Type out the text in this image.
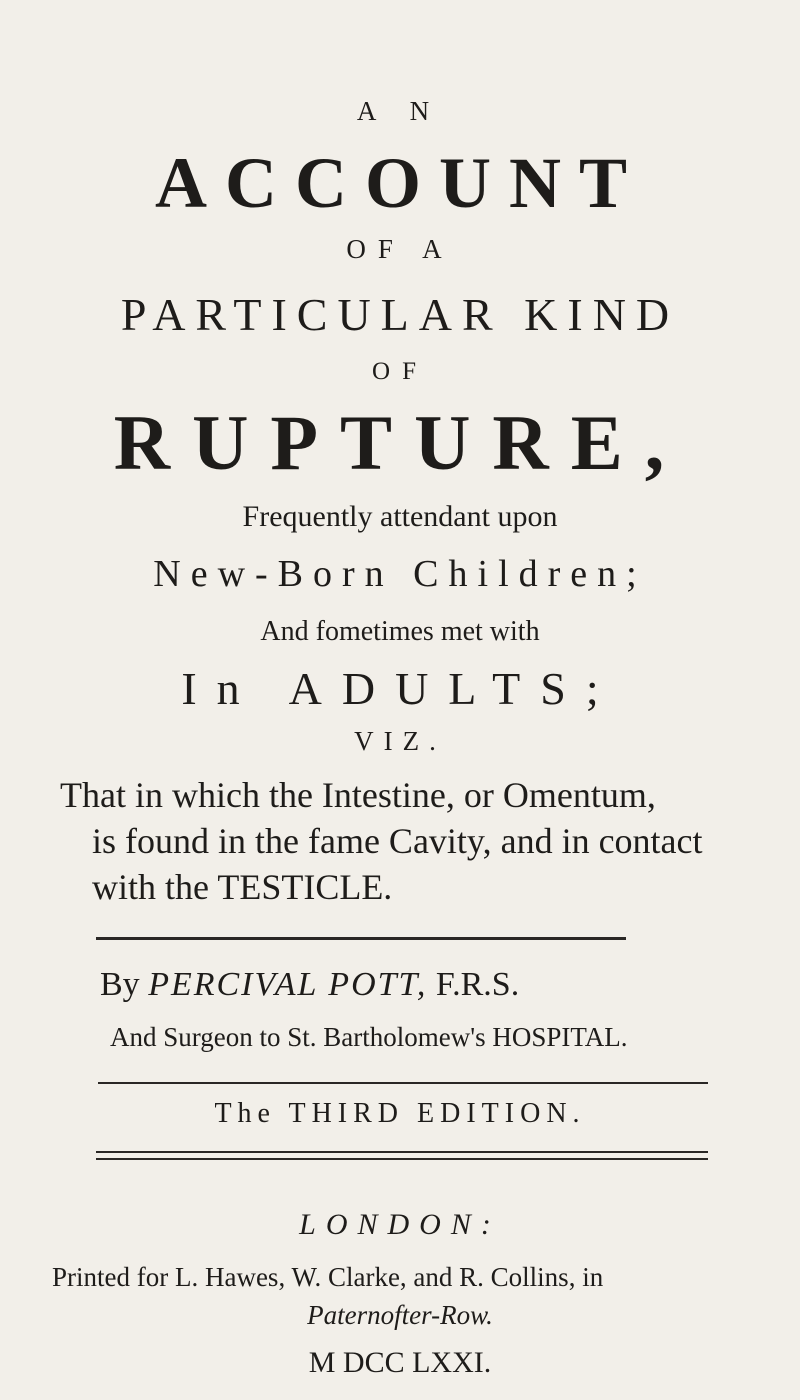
A N
ACCOUNT
OF A
PARTICULAR KIND
OF
RUPTURE,
Frequently attendant upon
New-Born Children;
And fometimes met with
In ADULTS;
VIZ.
That in which the Intestine, or Omentum,
is found in the fame Cavity, and in contact
with the TESTICLE.
By PERCIVAL POTT, F.R.S.
And Surgeon to St. Bartholomew's HOSPITAL.
The THIRD EDITION.
LONDON:
Printed for L. Hawes, W. Clarke, and R. Collins, in
Paternofter-Row.
M DCC LXXI.
